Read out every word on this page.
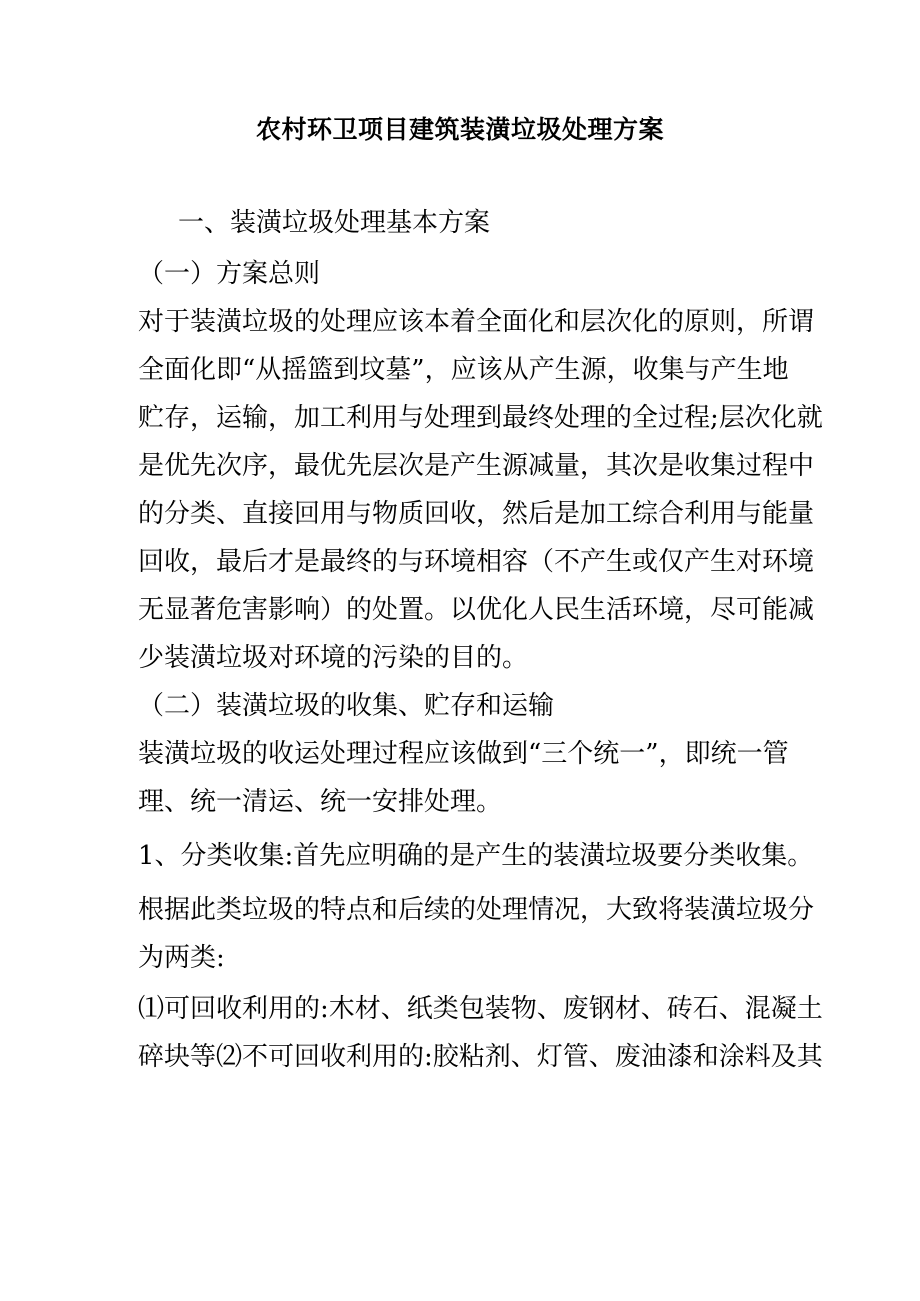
农村环卫项目建筑装潢垃圾处理方案
一、装潢垃圾处理基本方案
（一）方案总则
对于装潢垃圾的处理应该本着全面化和层次化的原则，所谓
全面化即“从摇篮到坟墓”，应该从产生源，收集与产生地
贮存，运输，加工利用与处理到最终处理的全过程;层次化就
是优先次序，最优先层次是产生源减量，其次是收集过程中
的分类、直接回用与物质回收，然后是加工综合利用与能量
回收，最后才是最终的与环境相容（不产生或仅产生对环境
无显著危害影响）的处置。以优化人民生活环境，尽可能减
少装潢垃圾对环境的污染的目的。
（二）装潢垃圾的收集、贮存和运输
装潢垃圾的收运处理过程应该做到“三个统一”，即统一管
理、统一清运、统一安排处理。
1、分类收集:首先应明确的是产生的装潢垃圾要分类收集。
根据此类垃圾的特点和后续的处理情况，大致将装潢垃圾分
为两类:
⑴可回收利用的:木材、纸类包装物、废钢材、砖石、混凝土
碎块等⑵不可回收利用的:胶粘剂、灯管、废油漆和涂料及其
